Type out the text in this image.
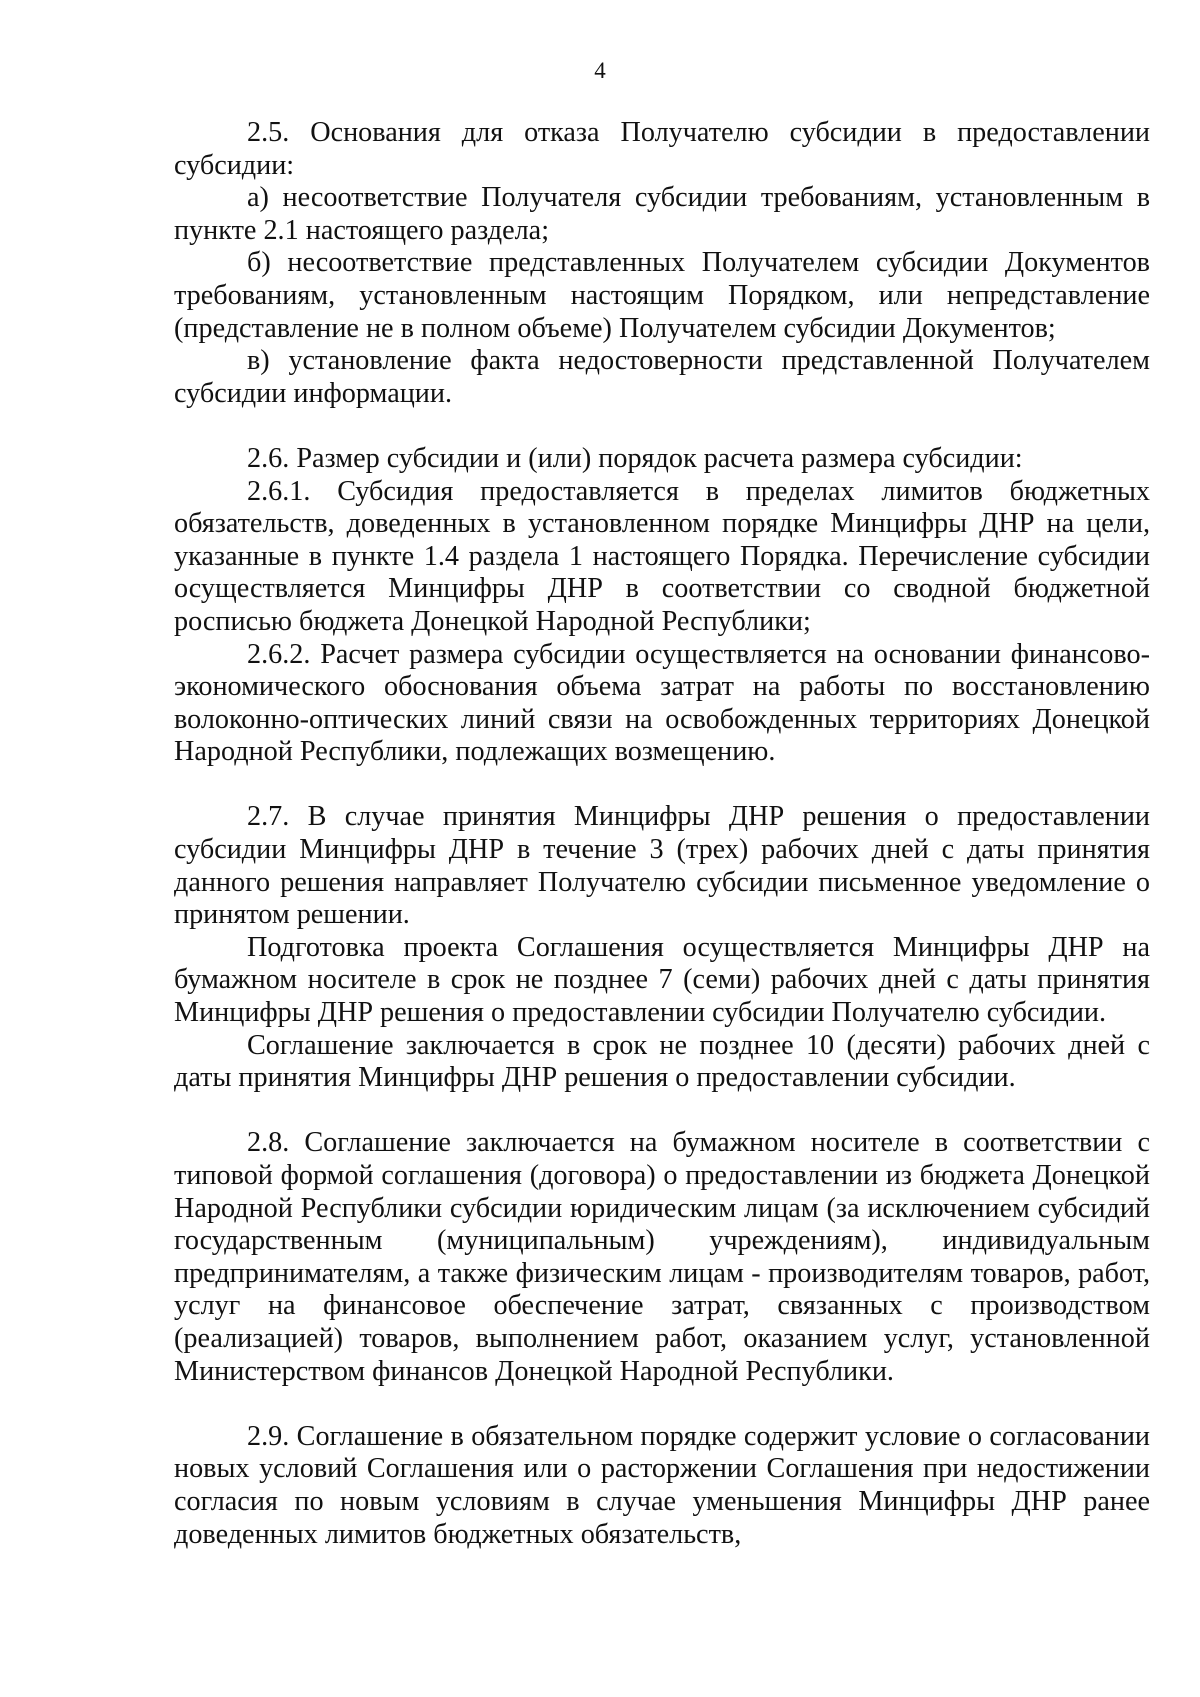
4

2.5. Основания для отказа Получателю субсидии в предоставлении субсидии:

а) несоответствие Получателя субсидии требованиям, установленным в пункте 2.1 настоящего раздела;

б) несоответствие представленных Получателем субсидии Документов требованиям, установленным настоящим Порядком, или непредставление (представление не в полном объеме) Получателем субсидии Документов;

в) установление факта недостоверности представленной Получателем субсидии информации.

2.6. Размер субсидии и (или) порядок расчета размера субсидии:

2.6.1. Субсидия предоставляется в пределах лимитов бюджетных обязательств, доведенных в установленном порядке Минцифры ДНР на цели, указанные в пункте 1.4 раздела 1 настоящего Порядка. Перечисление субсидии осуществляется Минцифры ДНР в соответствии со сводной бюджетной росписью бюджета Донецкой Народной Республики;

2.6.2. Расчет размера субсидии осуществляется на основании финансово-экономического обоснования объема затрат на работы по восстановлению волоконно-оптических линий связи на освобожденных территориях Донецкой Народной Республики, подлежащих возмещению.

2.7. В случае принятия Минцифры ДНР решения о предоставлении субсидии Минцифры ДНР в течение 3 (трех) рабочих дней с даты принятия данного решения направляет Получателю субсидии письменное уведомление о принятом решении.

Подготовка проекта Соглашения осуществляется Минцифры ДНР на бумажном носителе в срок не позднее 7 (семи) рабочих дней с даты принятия Минцифры ДНР решения о предоставлении субсидии Получателю субсидии.

Соглашение заключается в срок не позднее 10 (десяти) рабочих дней с даты принятия Минцифры ДНР решения о предоставлении субсидии.

2.8. Соглашение заключается на бумажном носителе в соответствии с типовой формой соглашения (договора) о предоставлении из бюджета Донецкой Народной Республики субсидии юридическим лицам (за исключением субсидий государственным (муниципальным) учреждениям), индивидуальным предпринимателям, а также физическим лицам - производителям товаров, работ, услуг на финансовое обеспечение затрат, связанных с производством (реализацией) товаров, выполнением работ, оказанием услуг, установленной Министерством финансов Донецкой Народной Республики.

2.9. Соглашение в обязательном порядке содержит условие о согласовании новых условий Соглашения или о расторжении Соглашения при недостижении согласия по новым условиям в случае уменьшения Минцифры ДНР ранее доведенных лимитов бюджетных обязательств,
